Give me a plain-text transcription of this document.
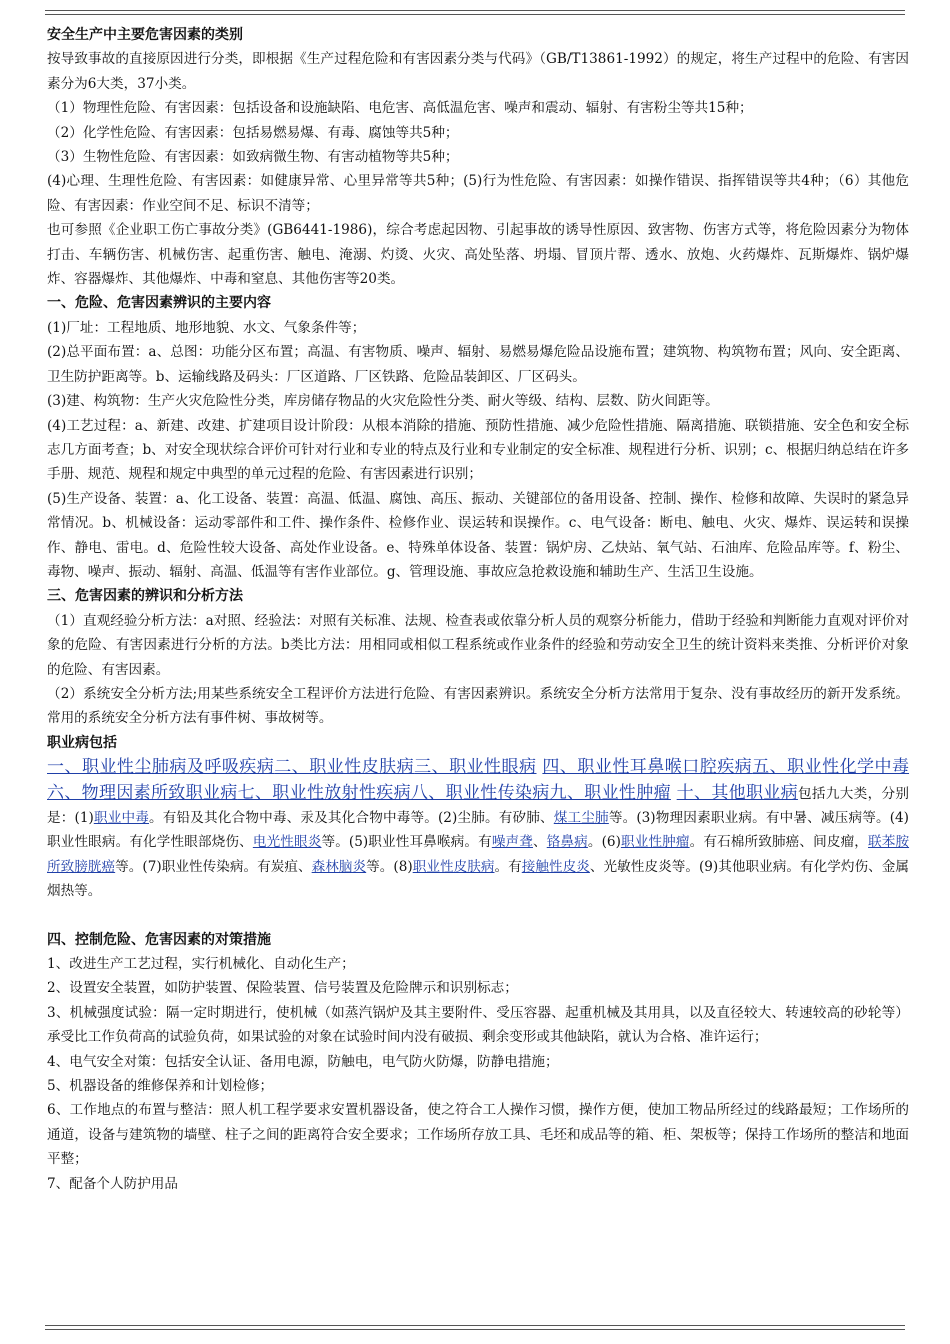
安全生产中主要危害因素的类别

按导致事故的直接原因进行分类，即根据《生产过程危险和有害因素分类与代码》（GB/T13861-1992）的规定，将生产过程中的危险、有害因素分为6大类，37小类。

（1）物理性危险、有害因素：包括设备和设施缺陷、电危害、高低温危害、噪声和震动、辐射、有害粉尘等共15种；

（2）化学性危险、有害因素：包括易燃易爆、有毒、腐蚀等共5种；

（3）生物性危险、有害因素：如致病微生物、有害动植物等共5种；

(4)心理、生理性危险、有害因素：如健康异常、心里异常等共5种；(5)行为性危险、有害因素：如操作错误、指挥错误等共4种；（6）其他危险、有害因素：作业空间不足、标识不清等；

也可参照《企业职工伤亡事故分类》(GB6441-1986)，综合考虑起因物、引起事故的诱导性原因、致害物、伤害方式等，将危险因素分为物体打击、车辆伤害、机械伤害、起重伤害、触电、淹溺、灼烫、火灾、高处坠落、坍塌、冒顶片帮、透水、放炮、火药爆炸、瓦斯爆炸、锅炉爆炸、容器爆炸、其他爆炸、中毒和窒息、其他伤害等20类。

一、危险、危害因素辨识的主要内容

(1)厂址：工程地质、地形地貌、水文、气象条件等；

(2)总平面布置：a、总图：功能分区布置；高温、有害物质、噪声、辐射、易燃易爆危险品设施布置；建筑物、构筑物布置；风向、安全距离、卫生防护距离等。b、运输线路及码头：厂区道路、厂区铁路、危险品装卸区、厂区码头。

(3)建、构筑物：生产火灾危险性分类，库房储存物品的火灾危险性分类、耐火等级、结构、层数、防火间距等。

(4)工艺过程：a、新建、改建、扩建项目设计阶段：从根本消除的措施、预防性措施、减少危险性措施、隔离措施、联锁措施、安全色和安全标志几方面考查；b、对安全现状综合评价可针对行业和专业的特点及行业和专业制定的安全标准、规程进行分析、识别；c、根据归纳总结在许多手册、规范、规程和规定中典型的单元过程的危险、有害因素进行识别；

(5)生产设备、装置：a、化工设备、装置：高温、低温、腐蚀、高压、振动、关键部位的备用设备、控制、操作、检修和故障、失误时的紧急异常情况。b、机械设备：运动零部件和工件、操作条件、检修作业、误运转和误操作。c、电气设备：断电、触电、火灾、爆炸、误运转和误操作、静电、雷电。d、危险性较大设备、高处作业设备。e、特殊单体设备、装置：锅炉房、乙炔站、氧气站、石油库、危险品库等。f、粉尘、毒物、噪声、振动、辐射、高温、低温等有害作业部位。g、管理设施、事故应急抢救设施和辅助生产、生活卫生设施。

三、危害因素的辨识和分析方法

（1）直观经验分析方法：a对照、经验法：对照有关标准、法规、检查表或依靠分析人员的观察分析能力，借助于经验和判断能力直观对评价对象的危险、有害因素进行分析的方法。b类比方法：用相同或相似工程系统或作业条件的经验和劳动安全卫生的统计资料来类推、分析评价对象的危险、有害因素。

（2）系统安全分析方法;用某些系统安全工程评价方法进行危险、有害因素辨识。系统安全分析方法常用于复杂、没有事故经历的新开发系统。常用的系统安全分析方法有事件树、事故树等。

职业病包括

一、职业性尘肺病及呼吸疾病二、职业性皮肤病三、职业性眼病 四、职业性耳鼻喉口腔疾病五、职业性化学中毒六、物理因素所致职业病七、职业性放射性疾病八、职业性传染病九、职业性肿瘤 十、其他职业病包括九大类，分别是：(1)职业中毒。有铅及其化合物中毒、汞及其化合物中毒等。(2)尘肺。有矽肺、煤工尘肺等。(3)物理因素职业病。有中暑、减压病等。(4)职业性眼病。有化学性眼部烧伤、电光性眼炎等。(5)职业性耳鼻喉病。有噪声聋、铬鼻病。(6)职业性肿瘤。有石棉所致肺癌、间皮瘤，联苯胺所致膀胱癌等。(7)职业性传染病。有炭疽、森林脑炎等。(8)职业性皮肤病。有接触性皮炎、光敏性皮炎等。(9)其他职业病。有化学灼伤、金属烟热等。

四、控制危险、危害因素的对策措施

1、改进生产工艺过程，实行机械化、自动化生产；

2、设置安全装置，如防护装置、保险装置、信号装置及危险牌示和识别标志；

3、机械强度试验：隔一定时期进行，使机械（如蒸汽锅炉及其主要附件、受压容器、起重机械及其用具，以及直径较大、转速较高的砂轮等）承受比工作负荷高的试验负荷，如果试验的对象在试验时间内没有破损、剩余变形或其他缺陷，就认为合格、准许运行；

4、电气安全对策：包括安全认证、备用电源，防触电，电气防火防爆，防静电措施；

5、机器设备的维修保养和计划检修；

6、工作地点的布置与整洁：照人机工程学要求安置机器设备，使之符合工人操作习惯，操作方便，使加工物品所经过的线路最短；工作场所的通道，设备与建筑物的墙壁、柱子之间的距离符合安全要求；工作场所存放工具、毛坯和成品等的箱、柜、架板等；保持工作场所的整洁和地面平整；

7、配备个人防护用品
